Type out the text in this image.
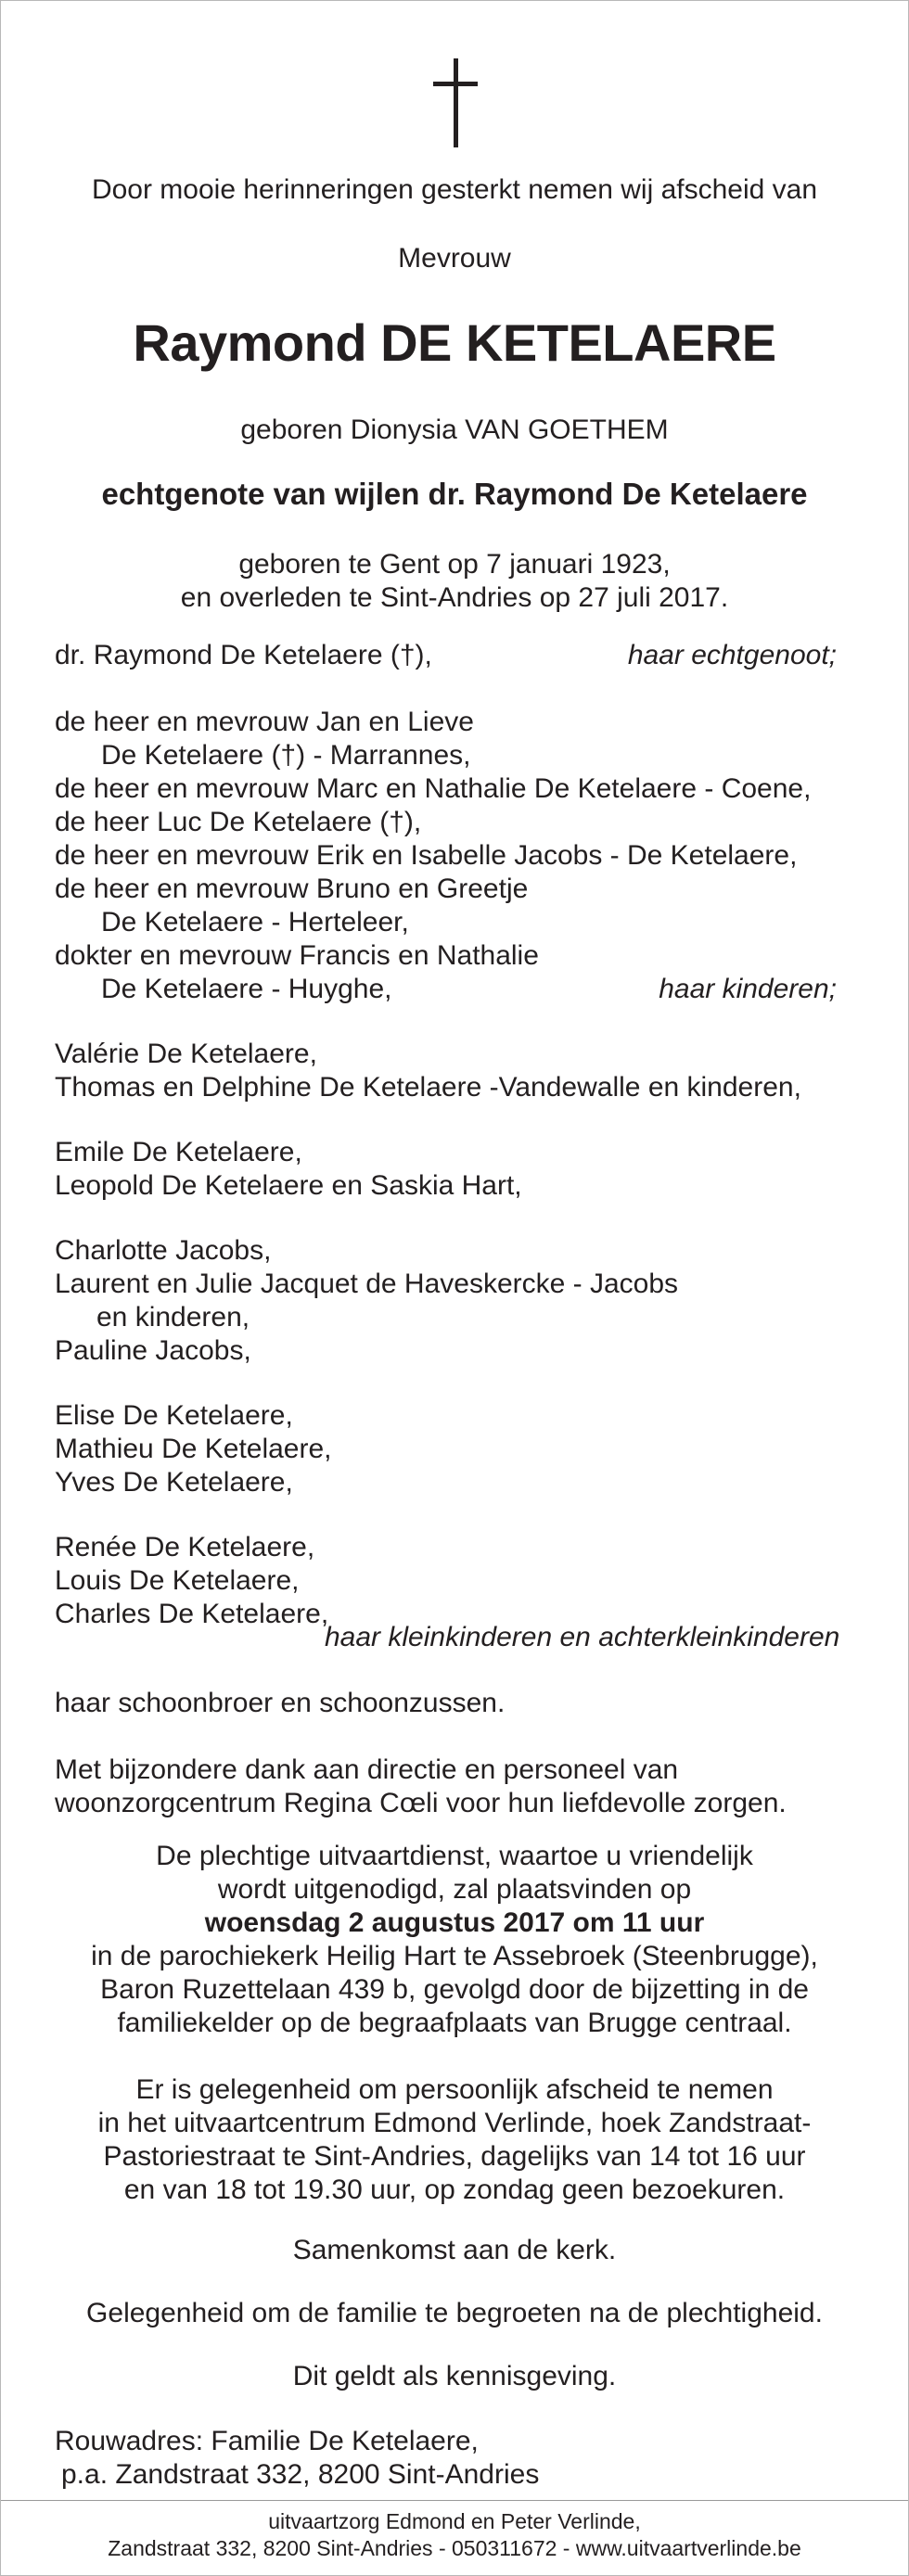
Door mooie herinneringen gesterkt nemen wij afscheid van
Mevrouw
Raymond DE KETELAERE
geboren Dionysia VAN GOETHEM
echtgenote van wijlen dr. Raymond De Ketelaere
geboren te Gent op 7 januari 1923,
en overleden te Sint-Andries op 27 juli 2017.
dr. Raymond De Ketelaere (†),	haar echtgenoot;
de heer en mevrouw Jan en Lieve
De Ketelaere (†) - Marrannes,
de heer en mevrouw Marc en Nathalie De Ketelaere - Coene,
de heer Luc De Ketelaere (†),
de heer en mevrouw Erik en Isabelle Jacobs - De Ketelaere,
de heer en mevrouw Bruno en Greetje
De Ketelaere - Herteleer,
dokter en mevrouw Francis en Nathalie
De Ketelaere - Huyghe,	haar kinderen;
Valérie De Ketelaere,
Thomas en Delphine De Ketelaere -Vandewalle en kinderen,
Emile De Ketelaere,
Leopold De Ketelaere en Saskia Hart,
Charlotte Jacobs,
Laurent en Julie Jacquet de Haveskercke - Jacobs
en kinderen,
Pauline Jacobs,
Elise De Ketelaere,
Mathieu De Ketelaere,
Yves De Ketelaere,
Renée De Ketelaere,
Louis De Ketelaere,
Charles De Ketelaere,
haar kleinkinderen en achterkleinkinderen
haar schoonbroer en schoonzussen.
Met bijzondere dank aan directie en personeel van
woonzorgcentrum Regina Cœli voor hun liefdevolle zorgen.
De plechtige uitvaartdienst, waartoe u vriendelijk
wordt uitgenodigd, zal plaatsvinden op
woensdag 2 augustus 2017 om 11 uur
in de parochiekerk Heilig Hart te Assebroek (Steenbrugge),
Baron Ruzettelaan 439 b, gevolgd door de bijzetting in de
familiekelder op de begraafplaats van Brugge centraal.
Er is gelegenheid om persoonlijk afscheid te nemen
in het uitvaartcentrum Edmond Verlinde, hoek Zandstraat-
Pastoriestraat te Sint-Andries, dagelijks van 14 tot 16 uur
en van 18 tot 19.30 uur, op zondag geen bezoekuren.
Samenkomst aan de kerk.
Gelegenheid om de familie te begroeten na de plechtigheid.
Dit geldt als kennisgeving.
Rouwadres: Familie De Ketelaere,
p.a. Zandstraat 332, 8200 Sint-Andries
uitvaartzorg Edmond en Peter Verlinde,
Zandstraat 332, 8200 Sint-Andries - 050311672 - www.uitvaartverlinde.be
